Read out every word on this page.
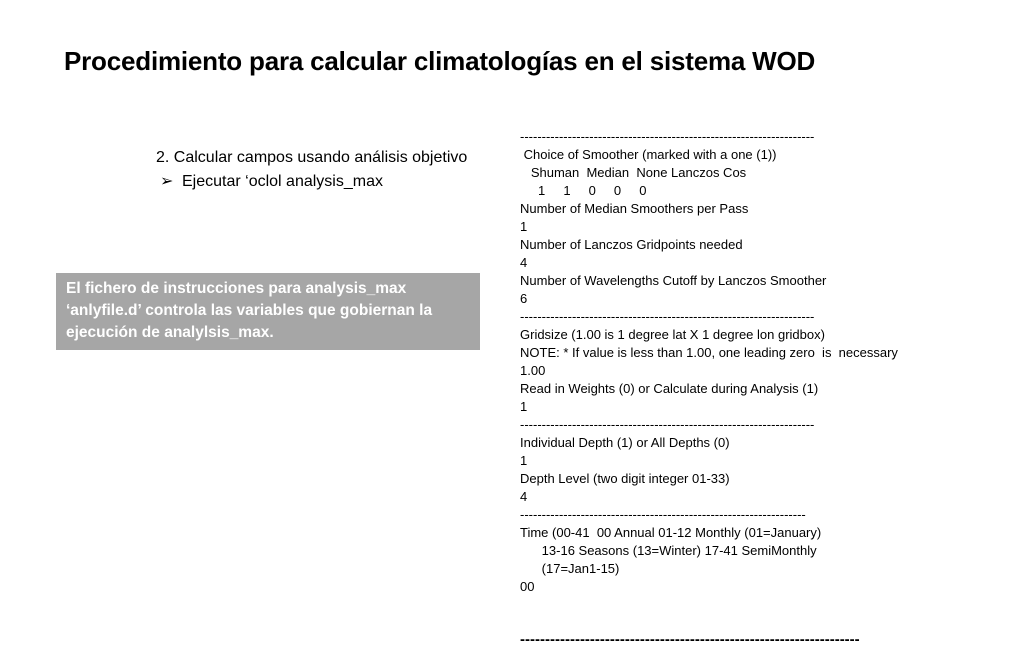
Procedimiento para calcular climatologías en el sistema WOD
2. Calcular campos usando análisis objetivo
➢ Ejecutar ‘oclol analysis_max
El fichero de instrucciones para analysis_max ‘anlyfile.d’ controla las variables que gobiernan la ejecución de analylsis_max.

--------------------------------------------------------------------
Choice of Smoother (marked with a one (1))
Shuman  Median  None Lanczos Cos
1     1     0     0     0
Number of Median Smoothers per Pass
1
Number of Lanczos Gridpoints needed
4
Number of Wavelengths Cutoff by Lanczos Smoother
6
--------------------------------------------------------------------
Gridsize (1.00 is 1 degree lat X 1 degree lon gridbox)
NOTE: * If value is less than 1.00, one leading zero  is  necessary
1.00
Read in Weights (0) or Calculate during Analysis (1)
1
--------------------------------------------------------------------
Individual Depth (1) or All Depths (0)
1
Depth Level (two digit integer 01-33)
4
------------------------------------------------------------------
Time (00-41  00 Annual 01-12 Monthly (01=January)
13-16 Seasons (13=Winter) 17-41 SemiMonthly
(17=Jan1-15)
00

--------------------------------------------------------------------
